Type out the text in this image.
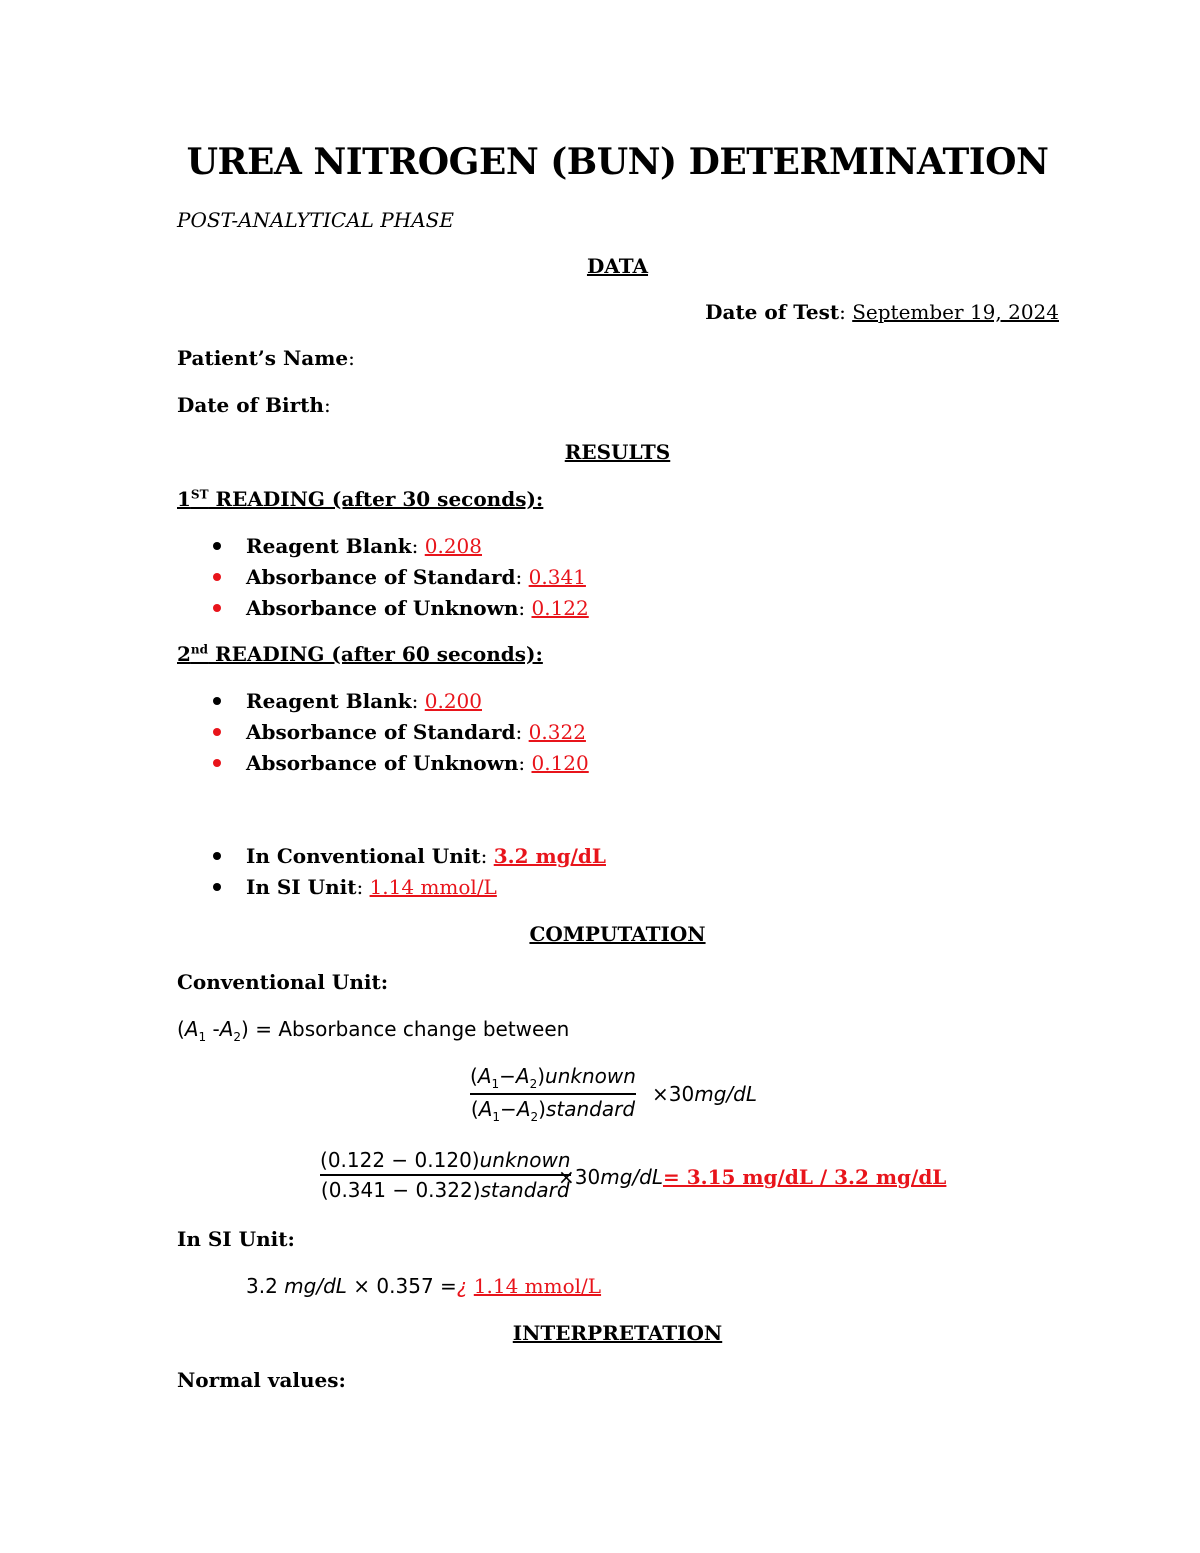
UREA NITROGEN (BUN) DETERMINATION
POST-ANALYTICAL PHASE
DATA
Date of Test: September 19, 2024
Patient’s Name:
Date of Birth:
RESULTS
1ST READING (after 30 seconds):
Reagent Blank: 0.208
Absorbance of Standard: 0.341
Absorbance of Unknown: 0.122
2nd READING (after 60 seconds):
Reagent Blank: 0.200
Absorbance of Standard: 0.322
Absorbance of Unknown: 0.120
In Conventional Unit: 3.2 mg/dL
In SI Unit: 1.14 mmol/L
COMPUTATION
Conventional Unit:
($A_1$ $-A_2$) = Absorbance change between
$(A_1-A_2)unknown$
$(A_1-A_2)standard$
×30mg/dL
(0.122 − 0.120)unknown
(0.341 − 0.322)standard
×30mg/dL= 3.15 mg/dL / 3.2 mg/dL
In SI Unit:
3.2 mg/dL × 0.357 =¿ 1.14 mmol/L
INTERPRETATION
Normal values:
